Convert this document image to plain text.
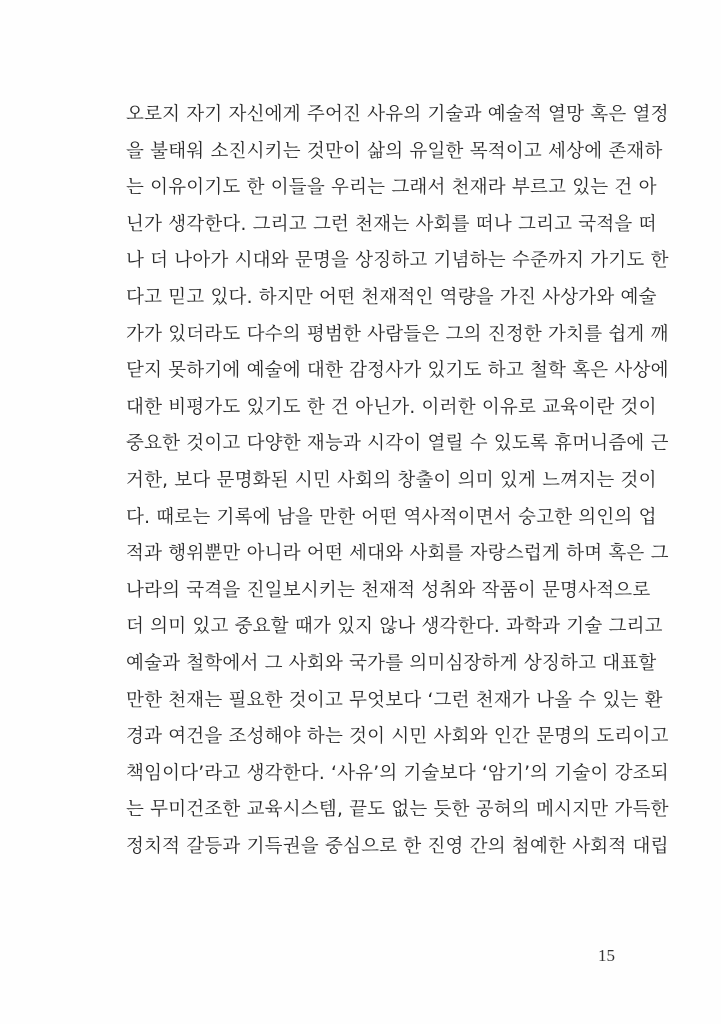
오로지 자기 자신에게 주어진 사유의 기술과 예술적 열망 혹은 열정
을 불태워 소진시키는 것만이 삶의 유일한 목적이고 세상에 존재하
는 이유이기도 한 이들을 우리는 그래서 천재라 부르고 있는 건 아
닌가 생각한다. 그리고 그런 천재는 사회를 떠나 그리고 국적을 떠
나 더 나아가 시대와 문명을 상징하고 기념하는 수준까지 가기도 한
다고 믿고 있다. 하지만 어떤 천재적인 역량을 가진 사상가와 예술
가가 있더라도 다수의 평범한 사람들은 그의 진정한 가치를 쉽게 깨
닫지 못하기에 예술에 대한 감정사가 있기도 하고 철학 혹은 사상에
대한 비평가도 있기도 한 건 아닌가. 이러한 이유로 교육이란 것이
중요한 것이고 다양한 재능과 시각이 열릴 수 있도록 휴머니즘에 근
거한, 보다 문명화된 시민 사회의 창출이 의미 있게 느껴지는 것이
다. 때로는 기록에 남을 만한 어떤 역사적이면서 숭고한 의인의 업
적과 행위뿐만 아니라 어떤 세대와 사회를 자랑스럽게 하며 혹은 그
나라의 국격을 진일보시키는 천재적 성취와 작품이 문명사적으로
더 의미 있고 중요할 때가 있지 않나 생각한다. 과학과 기술 그리고
예술과 철학에서 그 사회와 국가를 의미심장하게 상징하고 대표할
만한 천재는 필요한 것이고 무엇보다 ‘그런 천재가 나올 수 있는 환
경과 여건을 조성해야 하는 것이 시민 사회와 인간 문명의 도리이고
책임이다’라고 생각한다. ‘사유’의 기술보다 ‘암기’의 기술이 강조되
는 무미건조한 교육시스템, 끝도 없는 듯한 공허의 메시지만 가득한
정치적 갈등과 기득권을 중심으로 한 진영 간의 첨예한 사회적 대립
15
